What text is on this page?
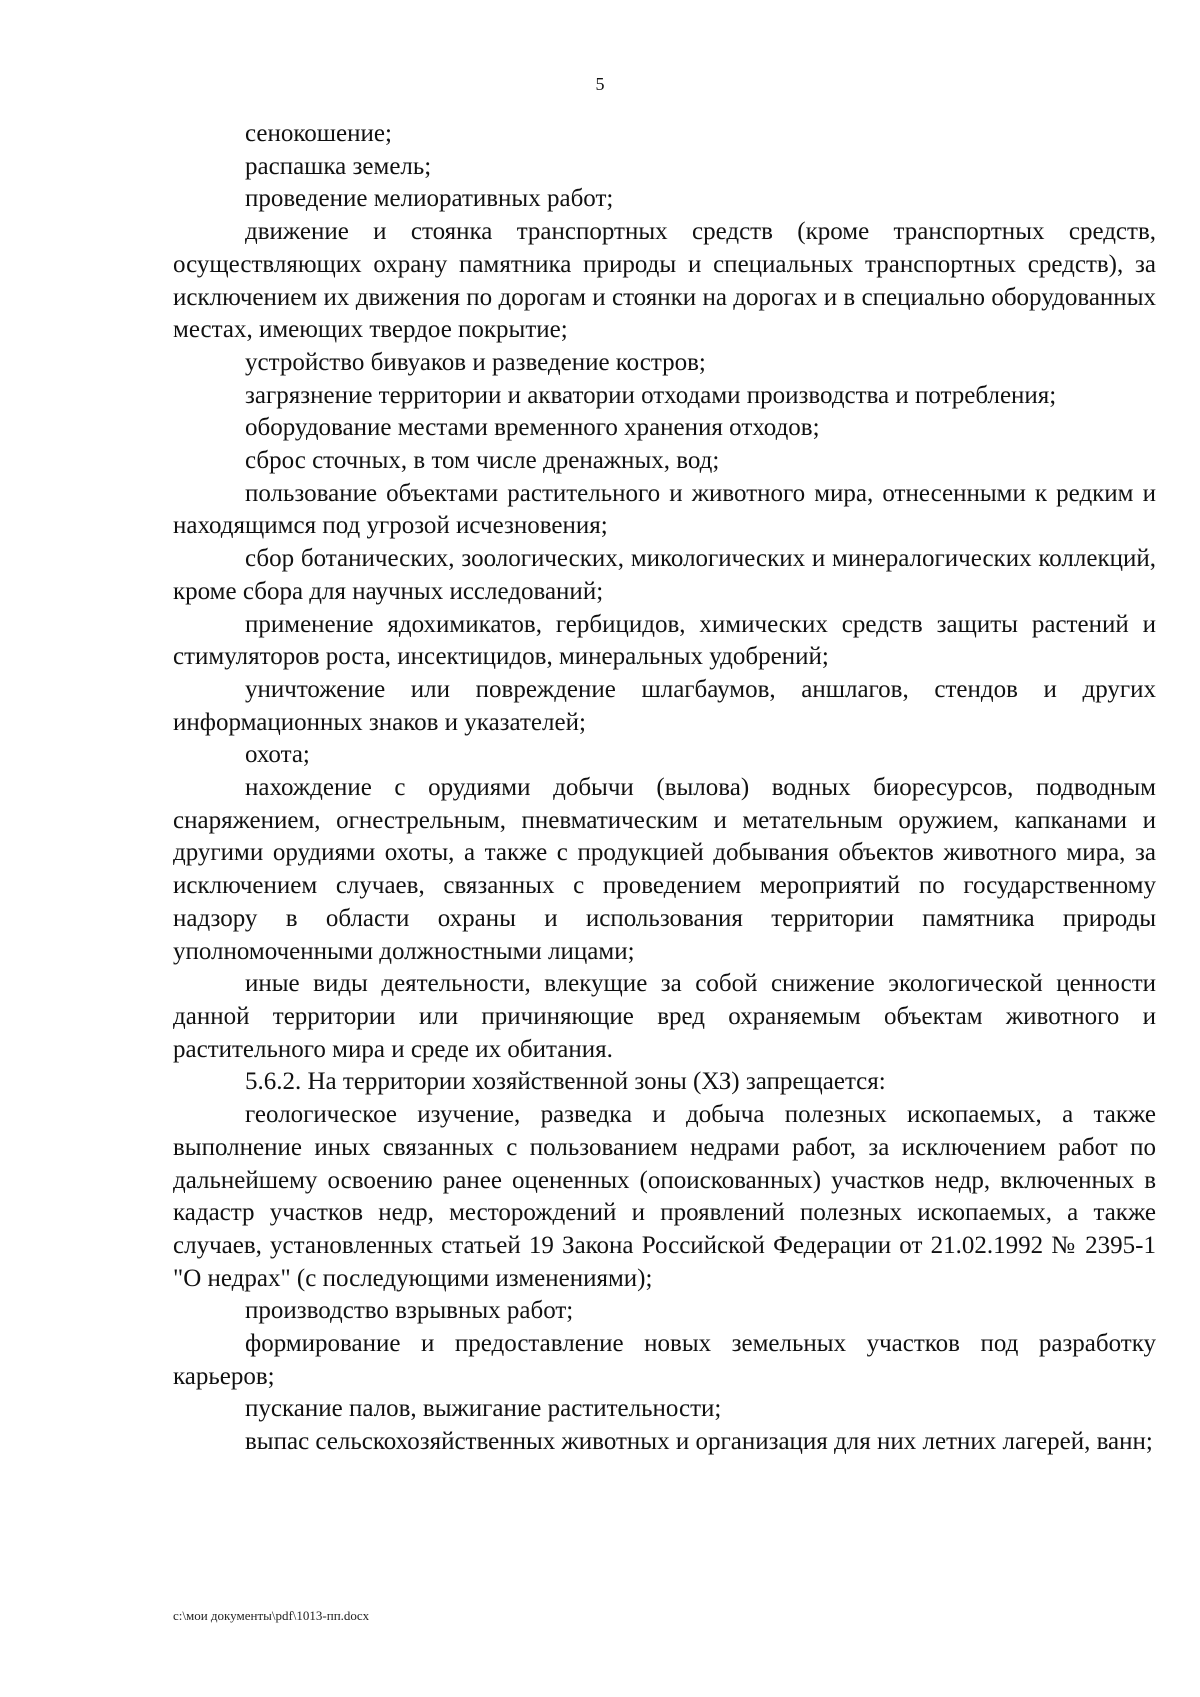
5

сенокошение;

распашка земель;

проведение мелиоративных работ;

движение и стоянка транспортных средств (кроме транспортных средств, осуществляющих охрану памятника природы и специальных транспортных средств), за исключением их движения по дорогам и стоянки на дорогах и в специально оборудованных местах, имеющих твердое покрытие;

устройство бивуаков и разведение костров;

загрязнение территории и акватории отходами производства и потребления;

оборудование местами временного хранения отходов;

сброс сточных, в том числе дренажных, вод;

пользование объектами растительного и животного мира, отнесенными к редким и находящимся под угрозой исчезновения;

сбор ботанических, зоологических, микологических и минералогических коллекций, кроме сбора для научных исследований;

применение ядохимикатов, гербицидов, химических средств защиты растений и стимуляторов роста, инсектицидов, минеральных удобрений;

уничтожение или повреждение шлагбаумов, аншлагов, стендов и других информационных знаков и указателей;

охота;

нахождение с орудиями добычи (вылова) водных биоресурсов, подводным снаряжением, огнестрельным, пневматическим и метательным оружием, капканами и другими орудиями охоты, а также с продукцией добывания объектов животного мира, за исключением случаев, связанных с проведением мероприятий по государственному надзору в области охраны и использования территории памятника природы уполномоченными должностными лицами;

иные виды деятельности, влекущие за собой снижение экологической ценности данной территории или причиняющие вред охраняемым объектам животного и растительного мира и среде их обитания.

5.6.2. На территории хозяйственной зоны (ХЗ) запрещается:

геологическое изучение, разведка и добыча полезных ископаемых, а также выполнение иных связанных с пользованием недрами работ, за исключением работ по дальнейшему освоению ранее оцененных (опоискованных) участков недр, включенных в кадастр участков недр, месторождений и проявлений полезных ископаемых, а также случаев, установленных статьей 19 Закона Российской Федерации от 21.02.1992 № 2395-1 "О недрах" (с последующими изменениями);

производство взрывных работ;

формирование и предоставление новых земельных участков под разработку карьеров;

пускание палов, выжигание растительности;

выпас сельскохозяйственных животных и организация для них летних лагерей, ванн;

c:\мои документы\pdf\1013-пп.docx
